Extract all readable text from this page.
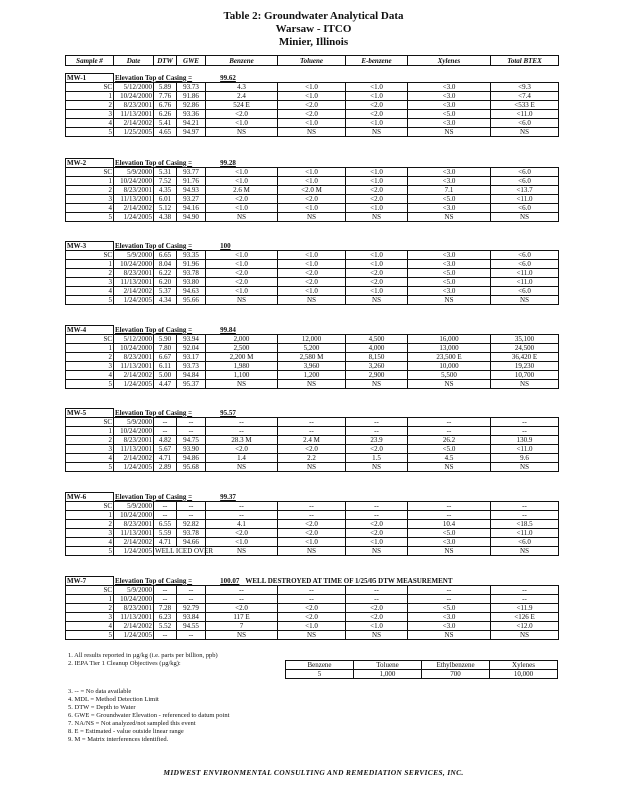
Table 2: Groundwater Analytical Data
Warsaw - ITCO
Minier, Illinois
Sample #	Date	DTW	GWE	Benzene	Toluene	E-benzene	Xylenes	Total BTEX
MW-1	Elevation Top of Casing = 99.62							
SC	5/12/2000	5.89	93.73	4.3	<1.0	<1.0	<3.0	<9.3
1	10/24/2000	7.76	91.86	2.4	<1.0	<1.0	<3.0	<7.4
2	8/23/2001	6.76	92.86	524 E	<2.0	<2.0	<3.0	<533 E
3	11/13/2001	6.26	93.36	<2.0	<2.0	<2.0	<5.0	<11.0
4	2/14/2002	5.41	94.21	<1.0	<1.0	<1.0	<3.0	<6.0
5	1/25/2005	4.65	94.97	NS	NS	NS	NS	NS
MW-2	Elevation Top of Casing = 99.28							
SC	5/9/2000	5.31	93.77	<1.0	<1.0	<1.0	<3.0	<6.0
1	10/24/2000	7.52	91.76	<1.0	<1.0	<1.0	<3.0	<6.0
2	8/23/2001	4.35	94.93	2.6 M	<2.0 M	<2.0	7.1	<13.7
3	11/13/2001	6.01	93.27	<2.0	<2.0	<2.0	<5.0	<11.0
4	2/14/2002	5.12	94.16	<1.0	<1.0	<1.0	<3.0	<6.0
5	1/24/2005	4.38	94.90	NS	NS	NS	NS	NS
MW-3	Elevation Top of Casing = 100							
SC	5/9/2000	6.65	93.35	<1.0	<1.0	<1.0	<3.0	<6.0
1	10/24/2000	8.04	91.96	<1.0	<1.0	<1.0	<3.0	<6.0
2	8/23/2001	6.22	93.78	<2.0	<2.0	<2.0	<5.0	<11.0
3	11/13/2001	6.20	93.80	<2.0	<2.0	<2.0	<5.0	<11.0
4	2/14/2002	5.37	94.63	<1.0	<1.0	<1.0	<3.0	<6.0
5	1/24/2005	4.34	95.66	NS	NS	NS	NS	NS
MW-4	Elevation Top of Casing = 99.84							
SC	5/12/2000	5.90	93.94	2,000	12,000	4,500	16,000	35,100
1	10/24/2000	7.80	92.04	2,500	5,200	4,000	13,000	24,500
2	8/23/2001	6.67	93.17	2,200 M	2,580 M	8,150	23,500 E	36,420 E
3	11/13/2001	6.11	93.73	1,980	3,960	3,260	10,000	19,230
4	2/14/2002	5.00	94.84	1,100	1,200	2,900	5,500	10,700
5	1/24/2005	4.47	95.37	NS	NS	NS	NS	NS
MW-5	Elevation Top of Casing = 95.57							
SC	5/9/2000	--	--	--	--	--	--	--
1	10/24/2000	--	--	--	--	--	--	--
2	8/23/2001	4.82	94.75	28.3 M	2.4 M	23.9	26.2	130.9
3	11/13/2001	5.67	93.90	<2.0	<2.0	<2.0	<5.0	<11.0
4	2/14/2002	4.71	94.86	1.4	2.2	1.5	4.5	9.6
5	1/24/2005	2.89	95.68	NS	NS	NS	NS	NS
MW-6	Elevation Top of Casing = 99.37							
SC	5/9/2000	--	--	--	--	--	--	--
1	10/24/2000	--	--	--	--	--	--	--
2	8/23/2001	6.55	92.82	4.1	<2.0	<2.0	10.4	<18.5
3	11/13/2001	5.59	93.78	<2.0	<2.0	<2.0	<5.0	<11.0
4	2/14/2002	4.71	94.66	<1.0	<1.0	<1.0	<3.0	<6.0
5	1/24/2005	WELL ICED OVER		NS	NS	NS	NS	NS
MW-7	Elevation Top of Casing = 100.07 WELL DESTROYED AT TIME OF 1/25/05 DTW MEASUREMENT							
SC	5/9/2000	--	--	--	--	--	--	--
1	10/24/2000	--	--	--	--	--	--	--
2	8/23/2001	7.28	92.79	<2.0	<2.0	<2.0	<5.0	<11.9
3	11/13/2001	6.23	93.84	117 E	<2.0	<2.0	<3.0	<126 E
4	2/14/2002	5.52	94.55	7	<1.0	<1.0	<3.0	<12.0
5	1/24/2005	--	--	NS	NS	NS	NS	NS
1. All results reported in µg/kg (i.e. parts per billion, ppb)
2. IEPA Tier 1 Cleanup Objectives (µg/kg):	Benzene	Toluene	Ethylbenzene	Xylenes
5	1,000	700	10,000
3. -- = No data available
4. MDL = Method Detection Limit
5. DTW = Depth to Water
6. GWE = Groundwater Elevation - referenced to datum point
7. NA/NS = Not analyzed/not sampled this event
8. E = Estimated - value outside linear range
9. M = Matrix interferences identified.
MIDWEST ENVIRONMENTAL CONSULTING AND REMEDIATION SERVICES, INC.
